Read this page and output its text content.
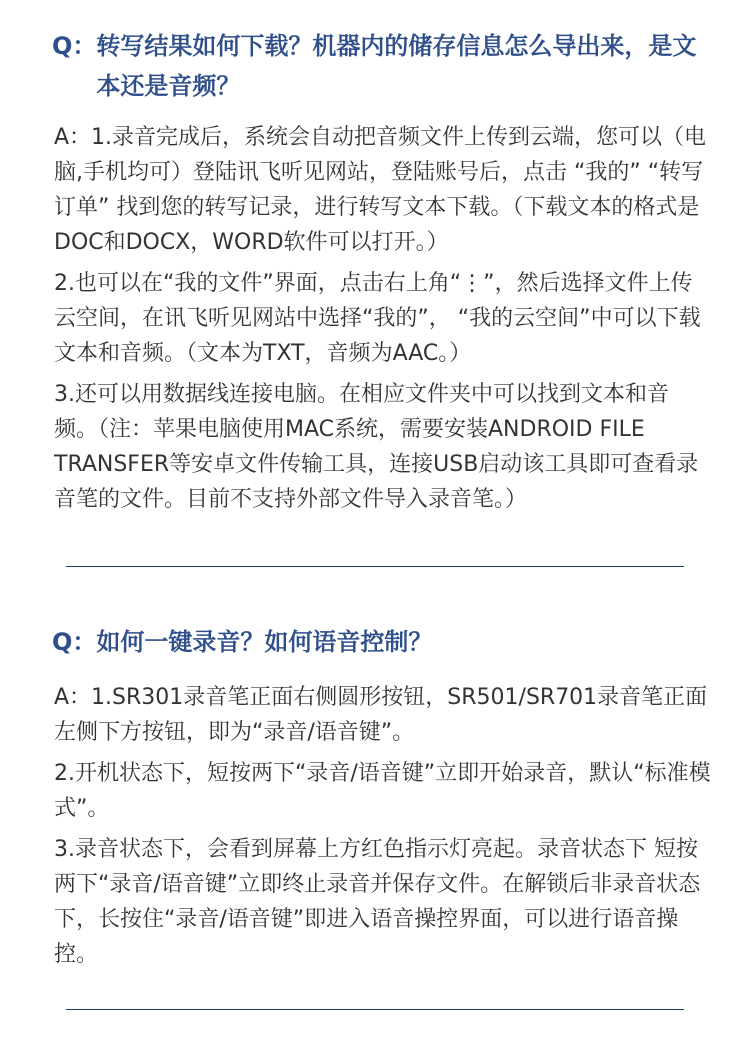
Q： 转写结果如何下载？机器内的储存信息怎么导出来，是文本还是音频？

A：1.录音完成后，系统会自动把音频文件上传到云端，您可以（电脑,手机均可）登陆讯飞听见网站，登陆账号后，点击 “我的” “转写订单” 找到您的转写记录，进行转写文本下载。（下载文本的格式是DOC和DOCX，WORD软件可以打开。）

2.也可以在“我的文件”界面，点击右上角“⋮”，然后选择文件上传云空间，在讯飞听见网站中选择“我的”， “我的云空间”中可以下载文本和音频。（文本为TXT，音频为AAC。）

3.还可以用数据线连接电脑。在相应文件夹中可以找到文本和音频。（注：苹果电脑使用MAC系统，需要安装ANDROID FILE TRANSFER等安卓文件传输工具，连接USB启动该工具即可查看录音笔的文件。目前不支持外部文件导入录音笔。）

Q： 如何一键录音？如何语音控制？

A：1.SR301录音笔正面右侧圆形按钮，SR501/SR701录音笔正面左侧下方按钮，即为“录音/语音键”。

2.开机状态下，短按两下“录音/语音键”立即开始录音，默认“标准模式”。

3.录音状态下，会看到屏幕上方红色指示灯亮起。录音状态下 短按两下“录音/语音键”立即终止录音并保存文件。在解锁后非录音状态下，长按住“录音/语音键”即进入语音操控界面，可以进行语音操控。
